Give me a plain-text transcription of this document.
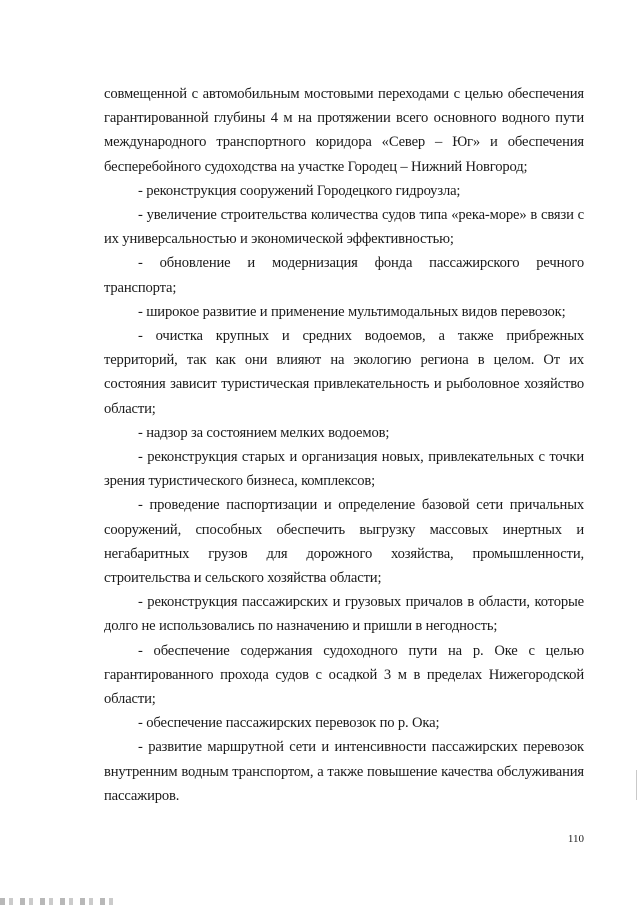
совмещенной с автомобильным мостовыми переходами с целью обеспечения гарантированной глубины 4 м на протяжении всего основного водного пути международного транспортного коридора «Север – Юг» и обеспечения бесперебойного судоходства на участке Городец – Нижний Новгород;

- реконструкция сооружений Городецкого гидроузла;

- увеличение строительства количества судов типа «река-море» в связи с их универсальностью и экономической эффективностью;

- обновление и модернизация фонда пассажирского речного

транспорта;

- широкое развитие и применение мультимодальных видов перевозок;

- очистка крупных и средних водоемов, а также прибрежных территорий, так как они влияют на экологию региона в целом. От их состояния зависит туристическая привлекательность и рыболовное хозяйство

области;

- надзор за состоянием мелких водоемов;

- реконструкция старых и организация новых, привлекательных с точки зрения туристического бизнеса, комплексов;

- проведение паспортизации и определение базовой сети причальных сооружений, способных обеспечить выгрузку массовых инертных и негабаритных грузов для дорожного хозяйства, промышленности, строительства и сельского хозяйства области;

- реконструкция пассажирских и грузовых причалов в области, которые долго не использовались по назначению и пришли в негодность;

- обеспечение содержания судоходного пути на р. Оке с целью гарантированного прохода судов с осадкой 3 м в пределах Нижегородской

области;

- обеспечение пассажирских перевозок по р. Ока;

- развитие маршрутной сети и интенсивности пассажирских перевозок внутренним водным транспортом, а также повышение качества обслуживания пассажиров.

110
